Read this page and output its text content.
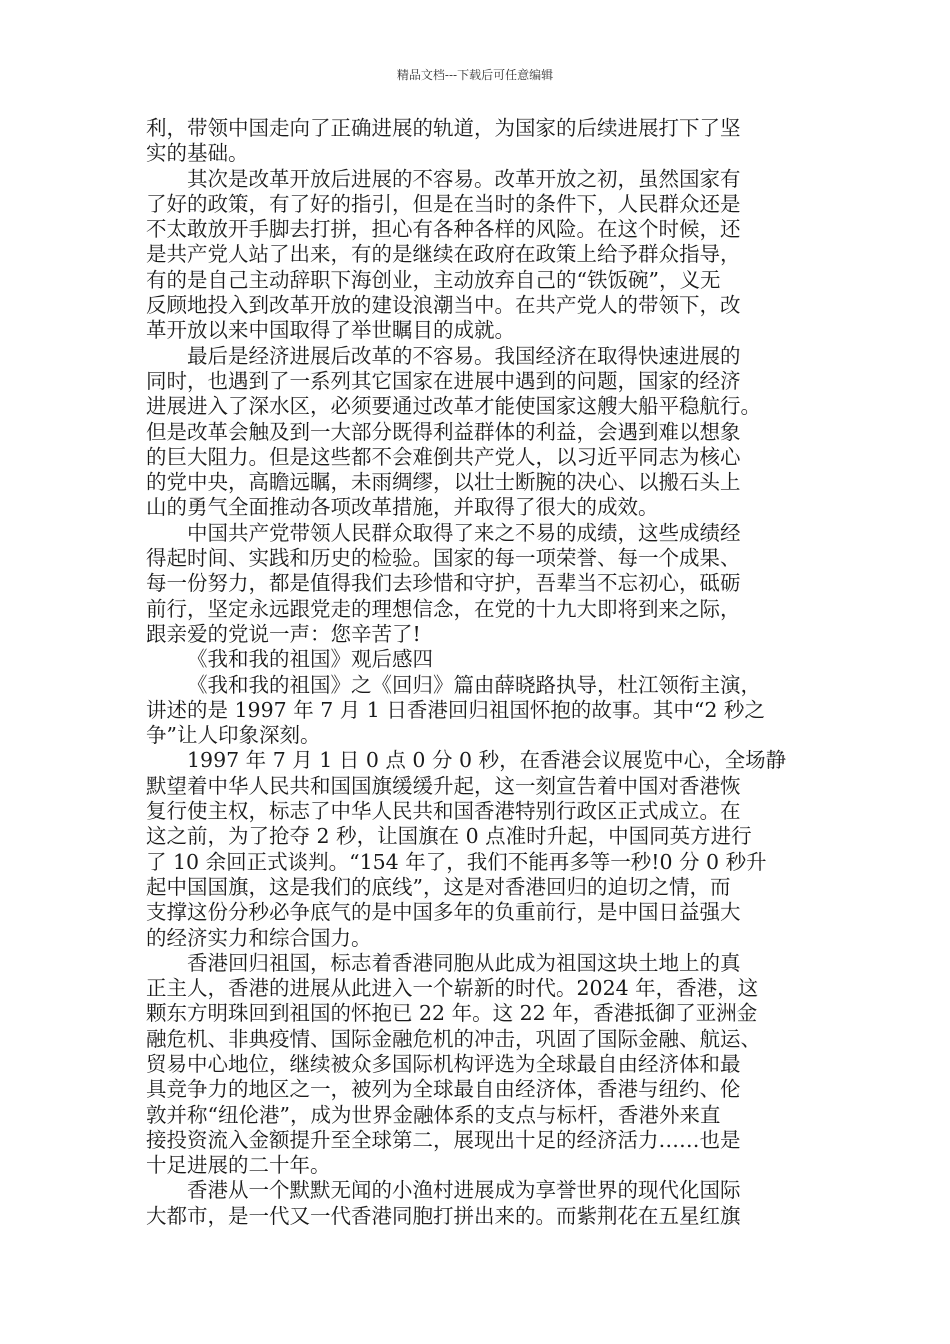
精品文档---下载后可任意编辑
利，带领中国走向了正确进展的轨道，为国家的后续进展打下了坚
实的基础。
其次是改革开放后进展的不容易。改革开放之初，虽然国家有
了好的政策，有了好的指引，但是在当时的条件下，人民群众还是
不太敢放开手脚去打拼，担心有各种各样的风险。在这个时候，还
是共产党人站了出来，有的是继续在政府在政策上给予群众指导，
有的是自己主动辞职下海创业，主动放弃自己的“铁饭碗”，义无
反顾地投入到改革开放的建设浪潮当中。在共产党人的带领下，改
革开放以来中国取得了举世瞩目的成就。
最后是经济进展后改革的不容易。我国经济在取得快速进展的
同时，也遇到了一系列其它国家在进展中遇到的问题，国家的经济
进展进入了深水区，必须要通过改革才能使国家这艘大船平稳航行。
但是改革会触及到一大部分既得利益群体的利益，会遇到难以想象
的巨大阻力。但是这些都不会难倒共产党人，以习近平同志为核心
的党中央，高瞻远瞩，未雨绸缪，以壮士断腕的决心、以搬石头上
山的勇气全面推动各项改革措施，并取得了很大的成效。
中国共产党带领人民群众取得了来之不易的成绩，这些成绩经
得起时间、实践和历史的检验。国家的每一项荣誉、每一个成果、
每一份努力，都是值得我们去珍惜和守护，吾辈当不忘初心，砥砺
前行，坚定永远跟党走的理想信念，在党的十九大即将到来之际，
跟亲爱的党说一声：您辛苦了!
《我和我的祖国》观后感四
《我和我的祖国》之《回归》篇由薛晓路执导，杜江领衔主演，
讲述的是 1997 年 7 月 1 日香港回归祖国怀抱的故事。其中“2 秒之
争”让人印象深刻。
1997 年 7 月 1 日 0 点 0 分 0 秒，在香港会议展览中心，全场静
默望着中华人民共和国国旗缓缓升起，这一刻宣告着中国对香港恢
复行使主权，标志了中华人民共和国香港特别行政区正式成立。在
这之前，为了抢夺 2 秒，让国旗在 0 点准时升起，中国同英方进行
了 10 余回正式谈判。“154 年了，我们不能再多等一秒!0 分 0 秒升
起中国国旗，这是我们的底线”，这是对香港回归的迫切之情，而
支撑这份分秒必争底气的是中国多年的负重前行，是中国日益强大
的经济实力和综合国力。
香港回归祖国，标志着香港同胞从此成为祖国这块土地上的真
正主人，香港的进展从此进入一个崭新的时代。2024 年，香港，这
颗东方明珠回到祖国的怀抱已 22 年。这 22 年，香港抵御了亚洲金
融危机、非典疫情、国际金融危机的冲击，巩固了国际金融、航运、
贸易中心地位，继续被众多国际机构评选为全球最自由经济体和最
具竞争力的地区之一，被列为全球最自由经济体，香港与纽约、伦
敦并称“纽伦港”，成为世界金融体系的支点与标杆，香港外来直
接投资流入金额提升至全球第二，展现出十足的经济活力……也是
十足进展的二十年。
香港从一个默默无闻的小渔村进展成为享誉世界的现代化国际
大都市，是一代又一代香港同胞打拼出来的。而紫荆花在五星红旗
